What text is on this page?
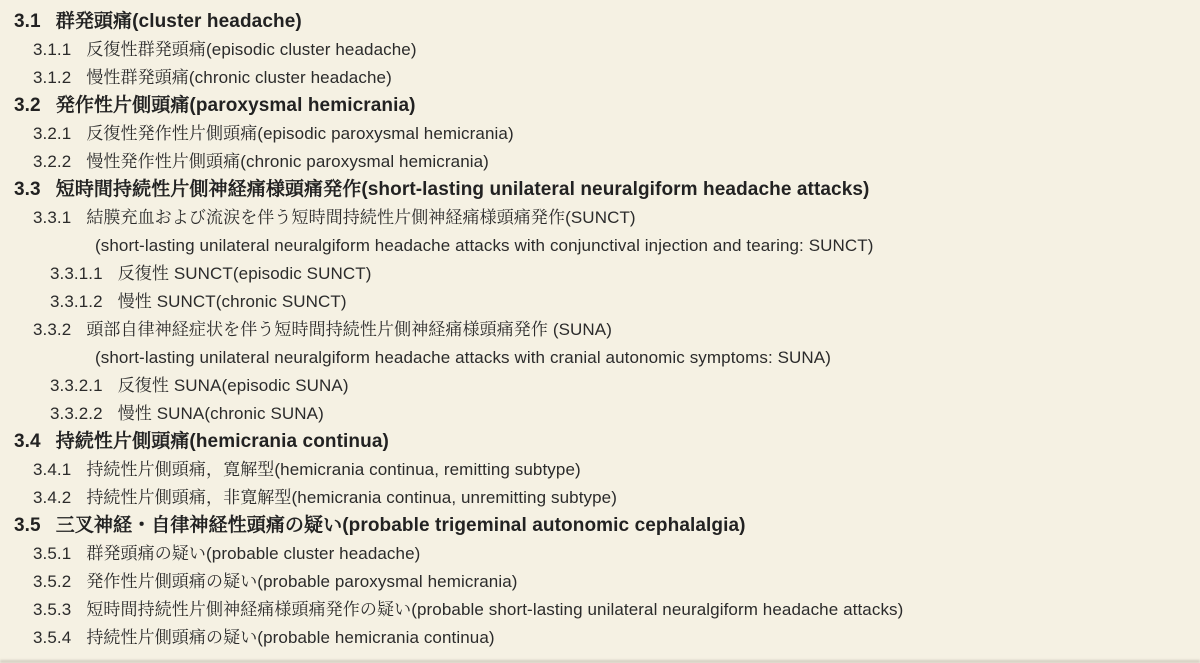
3.1 群発頭痛(cluster headache)
3.1.1 反復性群発頭痛(episodic cluster headache)
3.1.2 慢性群発頭痛(chronic cluster headache)
3.2 発作性片側頭痛(paroxysmal hemicrania)
3.2.1 反復性発作性片側頭痛(episodic paroxysmal hemicrania)
3.2.2 慢性発作性片側頭痛(chronic paroxysmal hemicrania)
3.3 短時間持続性片側神経痛様頭痛発作(short-lasting unilateral neuralgiform headache attacks)
3.3.1 結膜充血および流涙を伴う短時間持続性片側神経痛様頭痛発作(SUNCT)
(short-lasting unilateral neuralgiform headache attacks with conjunctival injection and tearing: SUNCT)
3.3.1.1 反復性 SUNCT(episodic SUNCT)
3.3.1.2 慢性 SUNCT(chronic SUNCT)
3.3.2 頭部自律神経症状を伴う短時間持続性片側神経痛様頭痛発作 (SUNA)
(short-lasting unilateral neuralgiform headache attacks with cranial autonomic symptoms: SUNA)
3.3.2.1 反復性 SUNA(episodic SUNA)
3.3.2.2 慢性 SUNA(chronic SUNA)
3.4 持続性片側頭痛(hemicrania continua)
3.4.1 持続性片側頭痛，寛解型(hemicrania continua, remitting subtype)
3.4.2 持続性片側頭痛，非寛解型(hemicrania continua, unremitting subtype)
3.5 三叉神経・自律神経性頭痛の疑い(probable trigeminal autonomic cephalalgia)
3.5.1 群発頭痛の疑い(probable cluster headache)
3.5.2 発作性片側頭痛の疑い(probable paroxysmal hemicrania)
3.5.3 短時間持続性片側神経痛様頭痛発作の疑い(probable short-lasting unilateral neuralgiform headache attacks)
3.5.4 持続性片側頭痛の疑い(probable hemicrania continua)
